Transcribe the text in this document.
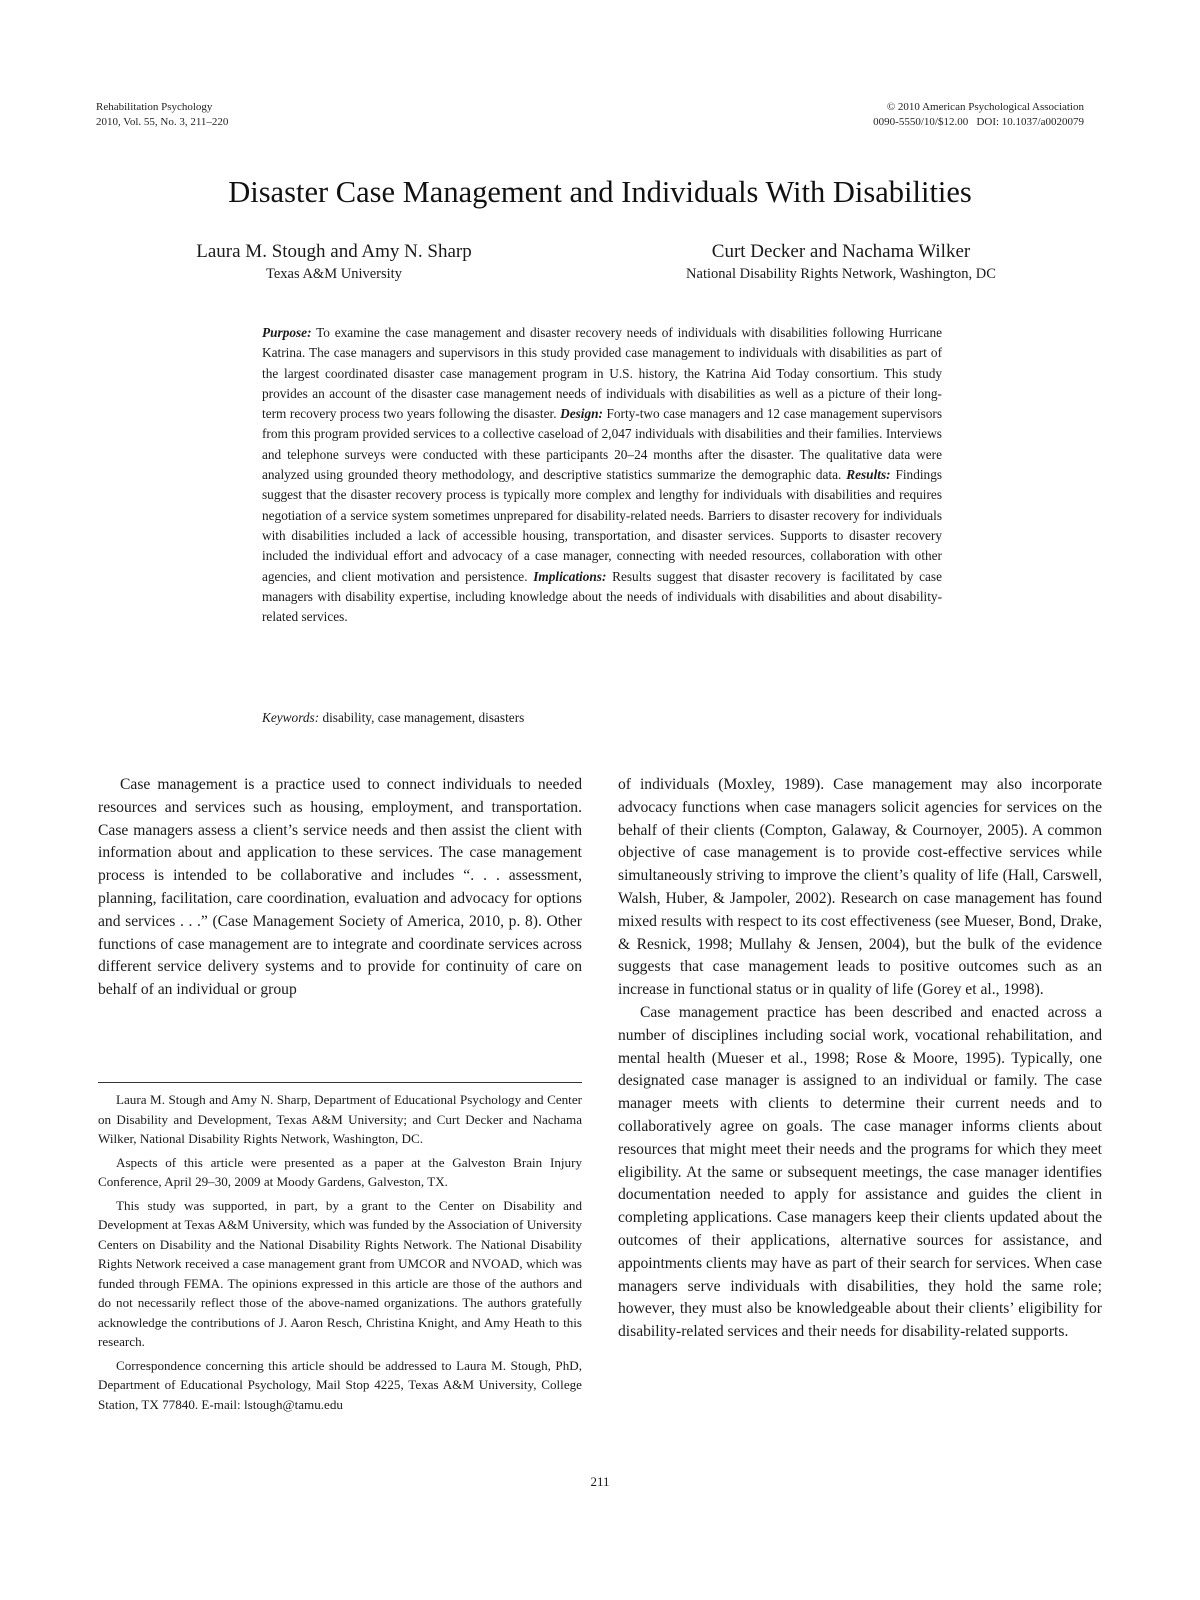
Rehabilitation Psychology
2010, Vol. 55, No. 3, 211–220
© 2010 American Psychological Association
0090-5550/10/$12.00   DOI: 10.1037/a0020079
Disaster Case Management and Individuals With Disabilities
Laura M. Stough and Amy N. Sharp
Texas A&M University
Curt Decker and Nachama Wilker
National Disability Rights Network, Washington, DC
Purpose: To examine the case management and disaster recovery needs of individuals with disabilities following Hurricane Katrina. The case managers and supervisors in this study provided case management to individuals with disabilities as part of the largest coordinated disaster case management program in U.S. history, the Katrina Aid Today consortium. This study provides an account of the disaster case management needs of individuals with disabilities as well as a picture of their long-term recovery process two years following the disaster. Design: Forty-two case managers and 12 case management supervisors from this program provided services to a collective caseload of 2,047 individuals with disabilities and their families. Interviews and telephone surveys were conducted with these participants 20–24 months after the disaster. The qualitative data were analyzed using grounded theory methodology, and descriptive statistics summarize the demographic data. Results: Findings suggest that the disaster recovery process is typically more complex and lengthy for individuals with disabilities and requires negotiation of a service system sometimes unprepared for disability-related needs. Barriers to disaster recovery for individuals with disabilities included a lack of accessible housing, transportation, and disaster services. Supports to disaster recovery included the individual effort and advocacy of a case manager, connecting with needed resources, collaboration with other agencies, and client motivation and persistence. Implications: Results suggest that disaster recovery is facilitated by case managers with disability expertise, including knowledge about the needs of individuals with disabilities and about disability-related services.
Keywords: disability, case management, disasters

Case management is a practice used to connect individuals to needed resources and services such as housing, employment, and transportation. Case managers assess a client’s service needs and then assist the client with information about and application to these services. The case management process is intended to be collaborative and includes “. . . assessment, planning, facilitation, care coordination, evaluation and advocacy for options and services . . .” (Case Management Society of America, 2010, p. 8). Other functions of case management are to integrate and coordinate services across different service delivery systems and to provide for continuity of care on behalf of an individual or group

Laura M. Stough and Amy N. Sharp, Department of Educational Psychology and Center on Disability and Development, Texas A&M University; and Curt Decker and Nachama Wilker, National Disability Rights Network, Washington, DC.

Aspects of this article were presented as a paper at the Galveston Brain Injury Conference, April 29–30, 2009 at Moody Gardens, Galveston, TX.

This study was supported, in part, by a grant to the Center on Disability and Development at Texas A&M University, which was funded by the Association of University Centers on Disability and the National Disability Rights Network. The National Disability Rights Network received a case management grant from UMCOR and NVOAD, which was funded through FEMA. The opinions expressed in this article are those of the authors and do not necessarily reflect those of the above-named organizations. The authors gratefully acknowledge the contributions of J. Aaron Resch, Christina Knight, and Amy Heath to this research.

Correspondence concerning this article should be addressed to Laura M. Stough, PhD, Department of Educational Psychology, Mail Stop 4225, Texas A&M University, College Station, TX 77840. E-mail: lstough@tamu.edu

of individuals (Moxley, 1989). Case management may also incorporate advocacy functions when case managers solicit agencies for services on the behalf of their clients (Compton, Galaway, & Cournoyer, 2005). A common objective of case management is to provide cost-effective services while simultaneously striving to improve the client’s quality of life (Hall, Carswell, Walsh, Huber, & Jampoler, 2002). Research on case management has found mixed results with respect to its cost effectiveness (see Mueser, Bond, Drake, & Resnick, 1998; Mullahy & Jensen, 2004), but the bulk of the evidence suggests that case management leads to positive outcomes such as an increase in functional status or in quality of life (Gorey et al., 1998).

Case management practice has been described and enacted across a number of disciplines including social work, vocational rehabilitation, and mental health (Mueser et al., 1998; Rose & Moore, 1995). Typically, one designated case manager is assigned to an individual or family. The case manager meets with clients to determine their current needs and to collaboratively agree on goals. The case manager informs clients about resources that might meet their needs and the programs for which they meet eligibility. At the same or subsequent meetings, the case manager identifies documentation needed to apply for assistance and guides the client in completing applications. Case managers keep their clients updated about the outcomes of their applications, alternative sources for assistance, and appointments clients may have as part of their search for services. When case managers serve individuals with disabilities, they hold the same role; however, they must also be knowledgeable about their clients’ eligibility for disability-related services and their needs for disability-related supports.

211
